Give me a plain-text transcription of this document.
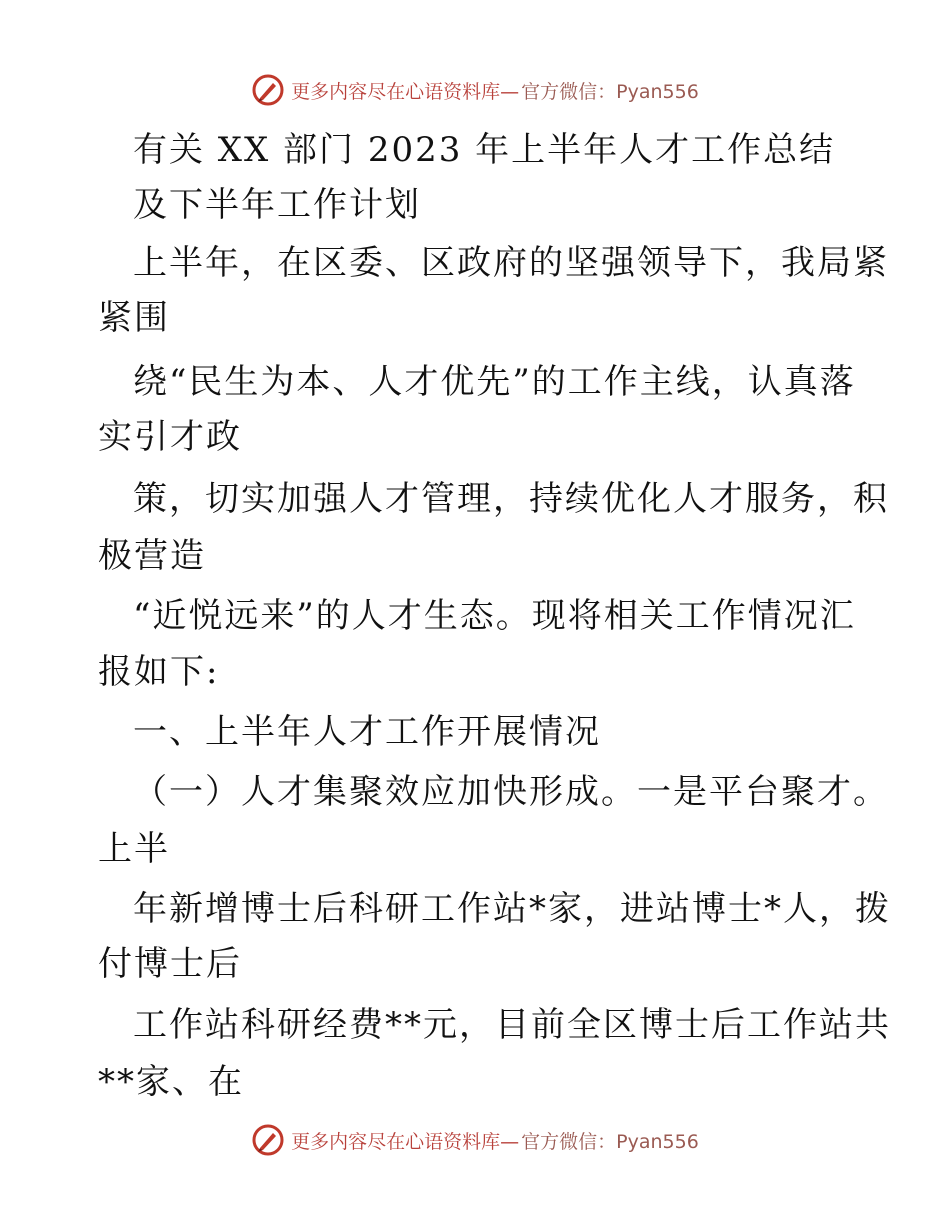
更多内容尽在心语资料库— 官方微信：Pyan556
有关 XX 部门 2023 年上半年人才工作总结
及下半年工作计划
上半年，在区委、区政府的坚强领导下，我局紧
紧围
绕“民生为本、人才优先”的工作主线，认真落
实引才政
策，切实加强人才管理，持续优化人才服务，积
极营造
“近悦远来”的人才生态。现将相关工作情况汇
报如下:
一、上半年人才工作开展情况
（一）人才集聚效应加快形成。一是平台聚才。
上半
年新增博士后科研工作站*家，进站博士*人，拨
付博士后
工作站科研经费**元，目前全区博士后工作站共
**家、在
更多内容尽在心语资料库— 官方微信：Pyan556
